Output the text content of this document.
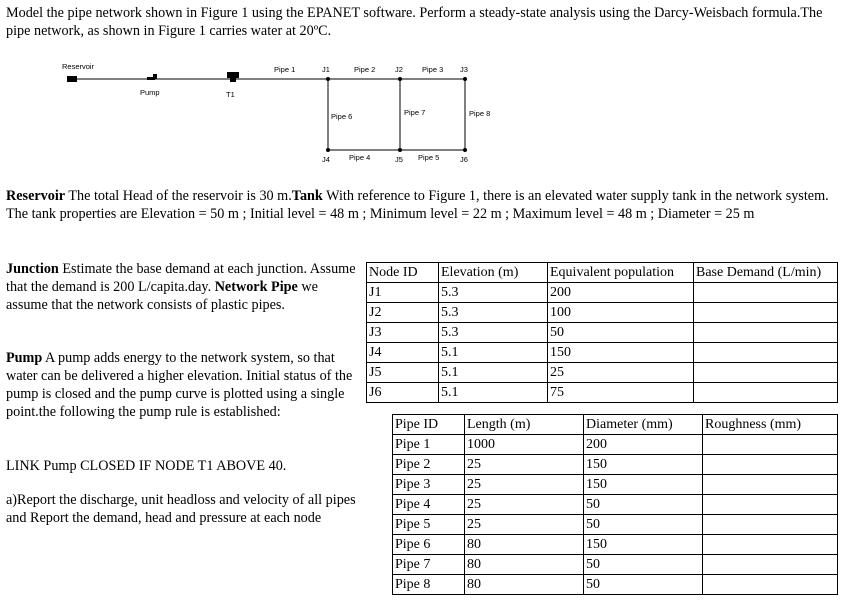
Model the pipe network shown in Figure 1 using the EPANET software. Perform a steady-state analysis using the Darcy-Weisbach formula.The pipe network, as shown in Figure 1 carries water at 20ºC.

Reservoir
Pump	T1
Pipe 1	J1	Pipe 2	J2	Pipe 3 J3
Pipe 6	Pipe 7	Pipe 8
J4	Pipe 4	J5 Pipe 5	J6

Reservoir The total Head of the reservoir is 30 m.Tank With reference to Figure 1, there is an elevated water supply tank in the network system. The tank properties are Elevation = 50 m ; Initial level = 48 m ; Minimum level = 22 m ; Maximum level = 48 m ; Diameter = 25 m

Junction Estimate the base demand at each junction. Assume that the demand is 200 L/capita.day. Network Pipe we assume that the network consists of plastic pipes.

Pump A pump adds energy to the network system, so that water can be delivered a higher elevation. Initial status of the pump is closed and the pump curve is plotted using a single point.the following the pump rule is established:

LINK Pump CLOSED IF NODE T1 ABOVE 40.

a)Report the discharge, unit headloss and velocity of all pipes and Report the demand, head and pressure at each node

Node ID	Elevation (m)	Equivalent population	Base Demand (L/min)
J1	5.3	200	
J2	5.3	100	
J3	5.3	50	
J4	5.1	150	
J5	5.1	25	
J6	5.1	75	
Pipe ID	Length (m)	Diameter (mm)	Roughness (mm)
Pipe 1	1000	200	
Pipe 2	25	150	
Pipe 3	25	150	
Pipe 4	25	50	
Pipe 5	25	50	
Pipe 6	80	150	
Pipe 7	80	50	
Pipe 8	80	50	
